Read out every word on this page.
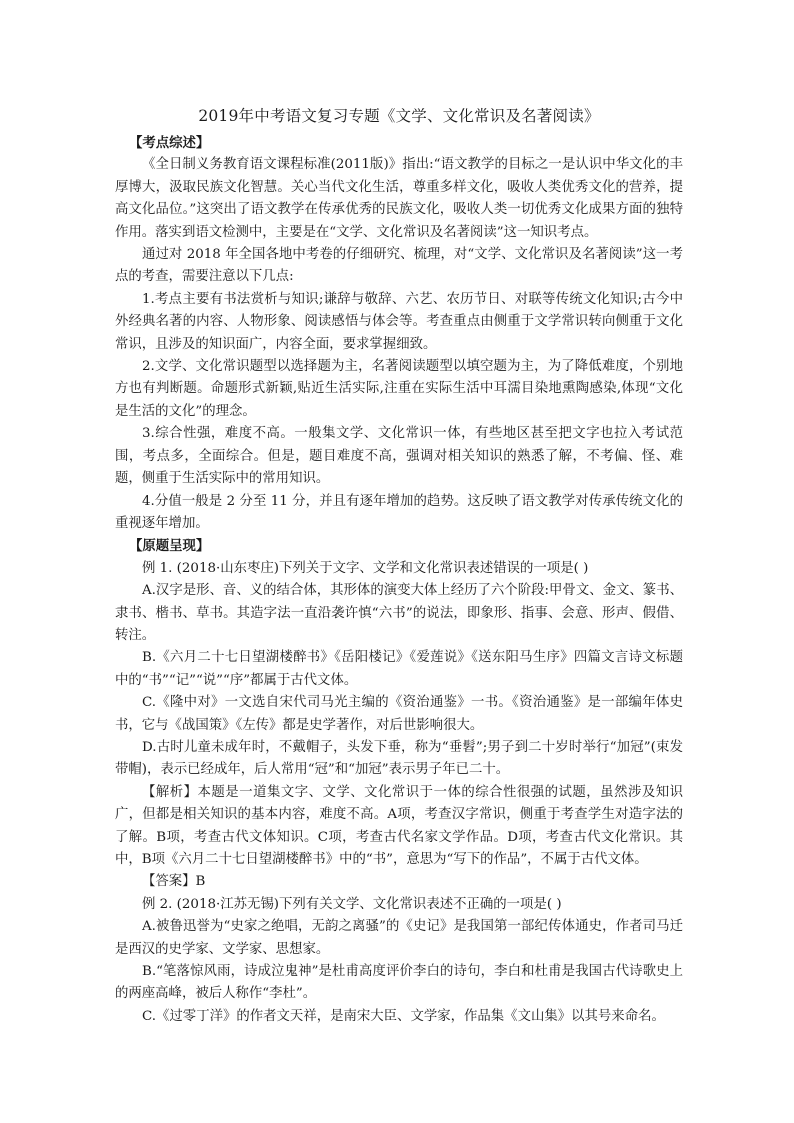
2019年中考语文复习专题《文学、文化常识及名著阅读》

【考点综述】

《全日制义务教育语文课程标准(2011版)》指出:“语文教学的目标之一是认识中华文化的丰厚博大，汲取民族文化智慧。关心当代文化生活，尊重多样文化，吸收人类优秀文化的营养，提高文化品位。”这突出了语文教学在传承优秀的民族文化，吸收人类一切优秀文化成果方面的独特作用。落实到语文检测中，主要是在“文学、文化常识及名著阅读”这一知识考点。

通过对 2018 年全国各地中考卷的仔细研究、梳理，对“文学、文化常识及名著阅读”这一考点的考查，需要注意以下几点:

1.考点主要有书法赏析与知识;谦辞与敬辞、六艺、农历节日、对联等传统文化知识;古今中外经典名著的内容、人物形象、阅读感悟与体会等。考查重点由侧重于文学常识转向侧重于文化常识，且涉及的知识面广，内容全面，要求掌握细致。

2.文学、文化常识题型以选择题为主，名著阅读题型以填空题为主，为了降低难度，个别地方也有判断题。命题形式新颖,贴近生活实际,注重在实际生活中耳濡目染地熏陶感染,体现“文化是生活的文化”的理念。

3.综合性强，难度不高。一般集文学、文化常识一体，有些地区甚至把文字也拉入考试范围，考点多，全面综合。但是，题目难度不高，强调对相关知识的熟悉了解，不考偏、怪、难题，侧重于生活实际中的常用知识。

4.分值一般是 2 分至 11 分，并且有逐年增加的趋势。这反映了语文教学对传承传统文化的重视逐年增加。

【原题呈现】

例 1. (2018·山东枣庄)下列关于文字、文学和文化常识表述错误的一项是( )

A.汉字是形、音、义的结合体，其形体的演变大体上经历了六个阶段:甲骨文、金文、篆书、隶书、楷书、草书。其造字法一直沿袭许慎“六书”的说法，即象形、指事、会意、形声、假借、转注。

B.《六月二十七日望湖楼醉书》《岳阳楼记》《爱莲说》《送东阳马生序》四篇文言诗文标题中的“书”“记”“说”“序”都属于古代文体。

C.《隆中对》一文选自宋代司马光主编的《资治通鉴》一书。《资治通鉴》是一部编年体史书，它与《战国策》《左传》都是史学著作，对后世影响很大。

D.古时儿童未成年时，不戴帽子，头发下垂，称为“垂髫”;男子到二十岁时举行“加冠”(束发带帽)，表示已经成年，后人常用“冠”和“加冠”表示男子年已二十。

【解析】本题是一道集文字、文学、文化常识于一体的综合性很强的试题，虽然涉及知识广，但都是相关知识的基本内容，难度不高。A项，考查汉字常识，侧重于考查学生对造字法的了解。B项，考查古代文体知识。C项，考查古代名家文学作品。D项，考查古代文化常识。其中，B项《六月二十七日望湖楼醉书》中的“书”，意思为“写下的作品”，不属于古代文体。

【答案】B

例 2. (2018·江苏无锡)下列有关文学、文化常识表述不正确的一项是( )

A.被鲁迅誉为“史家之绝唱，无韵之离骚”的《史记》是我国第一部纪传体通史，作者司马迁是西汉的史学家、文学家、思想家。

B.“笔落惊风雨，诗成泣鬼神”是杜甫高度评价李白的诗句，李白和杜甫是我国古代诗歌史上的两座高峰，被后人称作“李杜”。

C.《过零丁洋》的作者文天祥，是南宋大臣、文学家，作品集《文山集》以其号来命名。
